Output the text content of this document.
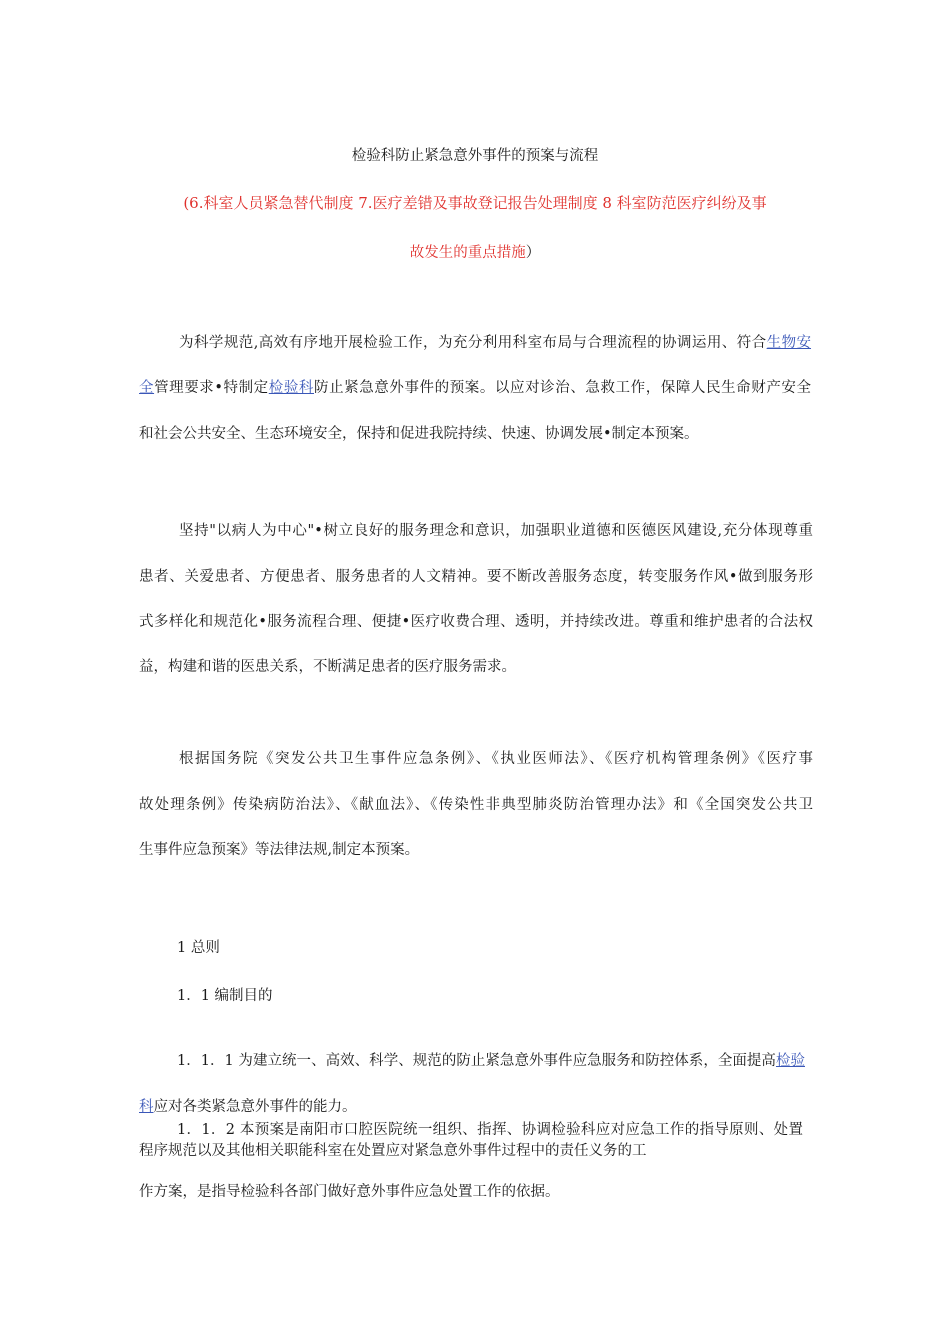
检验科防止紧急意外事件的预案与流程
(6.科室人员紧急替代制度 7.医疗差错及事故登记报告处理制度 8 科室防范医疗纠纷及事
故发生的重点措施）
为科学规范,高效有序地开展检验工作，为充分利用科室布局与合理流程的协调运用、符合生物安
全管理要求•特制定检验科防止紧急意外事件的预案。以应对诊治、急救工作，保障人民生命财产安全
和社会公共安全、生态环境安全，保持和促进我院持续、快速、协调发展•制定本预案。
坚持"以病人为中心"•树立良好的服务理念和意识，加强职业道德和医德医风建设,充分体现尊重
患者、关爱患者、方便患者、服务患者的人文精神。要不断改善服务态度，转变服务作风•做到服务形
式多样化和规范化•服务流程合理、便捷•医疗收费合理、透明，并持续改进。尊重和维护患者的合法权
益，构建和谐的医患关系，不断满足患者的医疗服务需求。
根据国务院《突发公共卫生事件应急条例》、《执业医师法》、《医疗机构管理条例》《医疗事
故处理条例》传染病防治法》、《献血法》、《传染性非典型肺炎防治管理办法》和《全国突发公共卫
生事件应急预案》等法律法规,制定本预案。
1 总则
1．1 编制目的
1．1．1 为建立统一、高效、科学、规范的防止紧急意外事件应急服务和防控体系，全面提高检验
科应对各类紧急意外事件的能力。
1．1．2 本预案是南阳市口腔医院统一组织、指挥、协调检验科应对应急工作的指导原则、处置
程序规范以及其他相关职能科室在处置应对紧急意外事件过程中的责任义务的工
作方案，是指导检验科各部门做好意外事件应急处置工作的依据。
